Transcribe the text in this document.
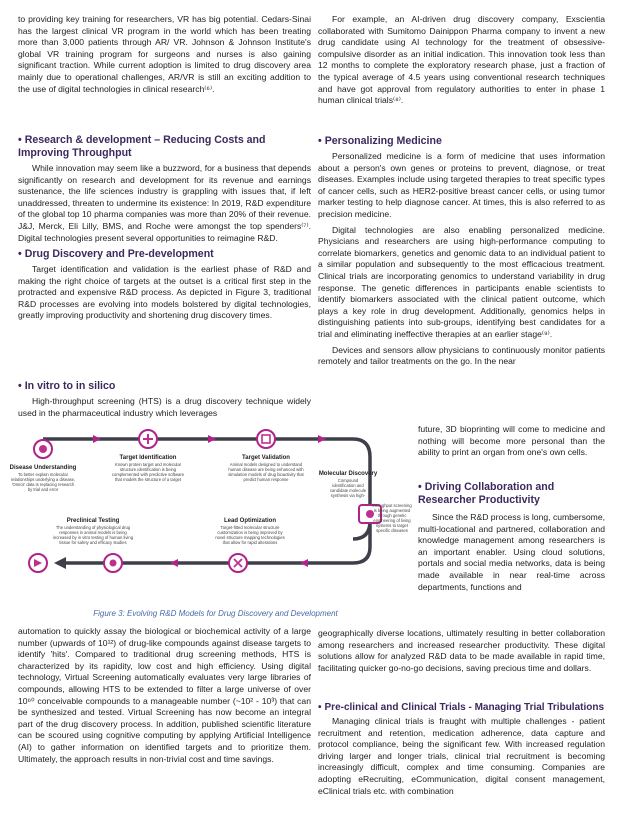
to providing key training for researchers, VR has big potential. Cedars-Sinai has the largest clinical VR program in the world which has been treating more than 3,000 patients through AR/ VR. Johnson & Johnson Institute's global VR training program for surgeons and nurses is also gaining significant traction. While current adoption is limited to drug discovery area mainly due to operational challenges, AR/VR is still an exciting addition to the use of digital technologies in clinical research⁽⁶⁾.

• Research & development – Reducing Costs and Improving Throughput

While innovation may seem like a buzzword, for a business that depends significantly on research and development for its revenue and earnings sustenance, the life sciences industry is grappling with issues that, if left unaddressed, threaten to undermine its existence: In 2019, R&D expenditure of the global top 10 pharma companies was more than 20% of their revenue. J&J, Merck, Eli Lilly, BMS, and Roche were amongst the top spenders⁽⁷⁾. Digital technologies present several opportunities to reimagine R&D.

• Drug Discovery and Pre-development

Target identification and validation is the earliest phase of R&D and making the right choice of targets at the outset is a critical first step in the protracted and expensive R&D process. As depicted in Figure 3, traditional R&D processes are evolving into models bolstered by digital technologies, greatly improving productivity and shortening drug discovery times.

• In vitro to in silico

High-throughput screening (HTS) is a drug discovery technique widely used in the pharmaceutical industry which leverages

Disease Understanding
To better explain molecular
relationships underlying a disease,
'Omics' data is replacing research
by trial and error
Target Identification
Known protein target and molecular
structure identification is being
complemented with predictive software
that models the structure of a target
Target Validation
Animal models designed to understand
human disease are being enhanced with
simulation models of drug bioactivity that
predict human response
Molecular Discovery
Compound
identification and
candidate molecule
synthesis via high-
throughput screening
is being augmented
through genetic
engineering of living
systems to target
specific diseases
Lead Optimization
Target-fitted molecular structure
customization is being improved by
novel structure mapping technologies
that allow for rapid alterations
Preclinical Testing
The understanding of physiological drug
responses in animal models is being
increased by in vitro testing of human living
tissue for safety and efficacy studies
Figure 3: Evolving R&D Models for Drug Discovery and Development

automation to quickly assay the biological or biochemical activity of a large number (upwards of 10¹²) of drug-like compounds against disease targets to identify 'hits'. Compared to traditional drug screening methods, HTS is characterized by its rapidity, low cost and high efficiency. Using digital technology, Virtual Screening automatically evaluates very large libraries of compounds, allowing HTS to be extended to filter a large universe of over 10⁶⁰ conceivable compounds to a manageable number (~10² - 10³) that can be synthesized and tested. Virtual Screening has now become an integral part of the drug discovery process. In addition, published scientific literature can be scoured using cognitive computing by applying Artificial Intelligence (AI) to gather information on identified targets and to prioritize them. Ultimately, the approach results in non-trivial cost and time savings.

For example, an AI-driven drug discovery company, Exscientia collaborated with Sumitomo Dainippon Pharma company to invent a new drug candidate using AI technology for the treatment of obsessive-compulsive disorder as an initial indication. This innovation took less than 12 months to complete the exploratory research phase, just a fraction of the typical average of 4.5 years using conventional research techniques and have got approval from regulatory authorities to enter in phase 1 human clinical trials⁽⁸⁾.

• Personalizing Medicine

Personalized medicine is a form of medicine that uses information about a person's own genes or proteins to prevent, diagnose, or treat diseases. Examples include using targeted therapies to treat specific types of cancer cells, such as HER2-positive breast cancer cells, or using tumor marker testing to help diagnose cancer. At times, this is also referred to as precision medicine.

Digital technologies are also enabling personalized medicine. Physicians and researchers are using high-performance computing to correlate biomarkers, genetics and genomic data to an individual patient to a similar population and subsequently to the most efficacious treatment. Clinical trials are incorporating genomics to understand variability in drug response. The genetic differences in participants enable scientists to identify biomarkers associated with the clinical patient outcome, which plays a key role in drug development. Additionally, genomics helps in distinguishing patients into sub-groups, identifying best candidates for a trial and eliminating ineffective therapies at an earlier stage⁽⁹⁾.

Devices and sensors allow physicians to continuously monitor patients remotely and tailor treatments on the go. In the near

future, 3D bioprinting will come to medicine and nothing will become more personal than the ability to print an organ from one's own cells.

• Driving Collaboration and Researcher Productivity

Since the R&D process is long, cumbersome, multi-locational and partnered, collaboration and knowledge management among researchers is an important enabler. Using cloud solutions, portals and social media networks, data is being made available in near real-time across departments, functions and

geographically diverse locations, ultimately resulting in better collaboration among researchers and increased researcher productivity. These digital solutions allow for analyzed R&D data to be made available in rapid time, facilitating quicker go-no-go decisions, saving precious time and dollars.

• Pre-clinical and Clinical Trials - Managing Trial Tribulations

Managing clinical trials is fraught with multiple challenges - patient recruitment and retention, medication adherence, data capture and protocol compliance, being the significant few. With increased regulation driving larger and longer trials, clinical trial recruitment is becoming increasingly difficult, complex and time consuming. Companies are adopting eRecruiting, eCommunication, digital consent management, eClinical trials etc. with combination
